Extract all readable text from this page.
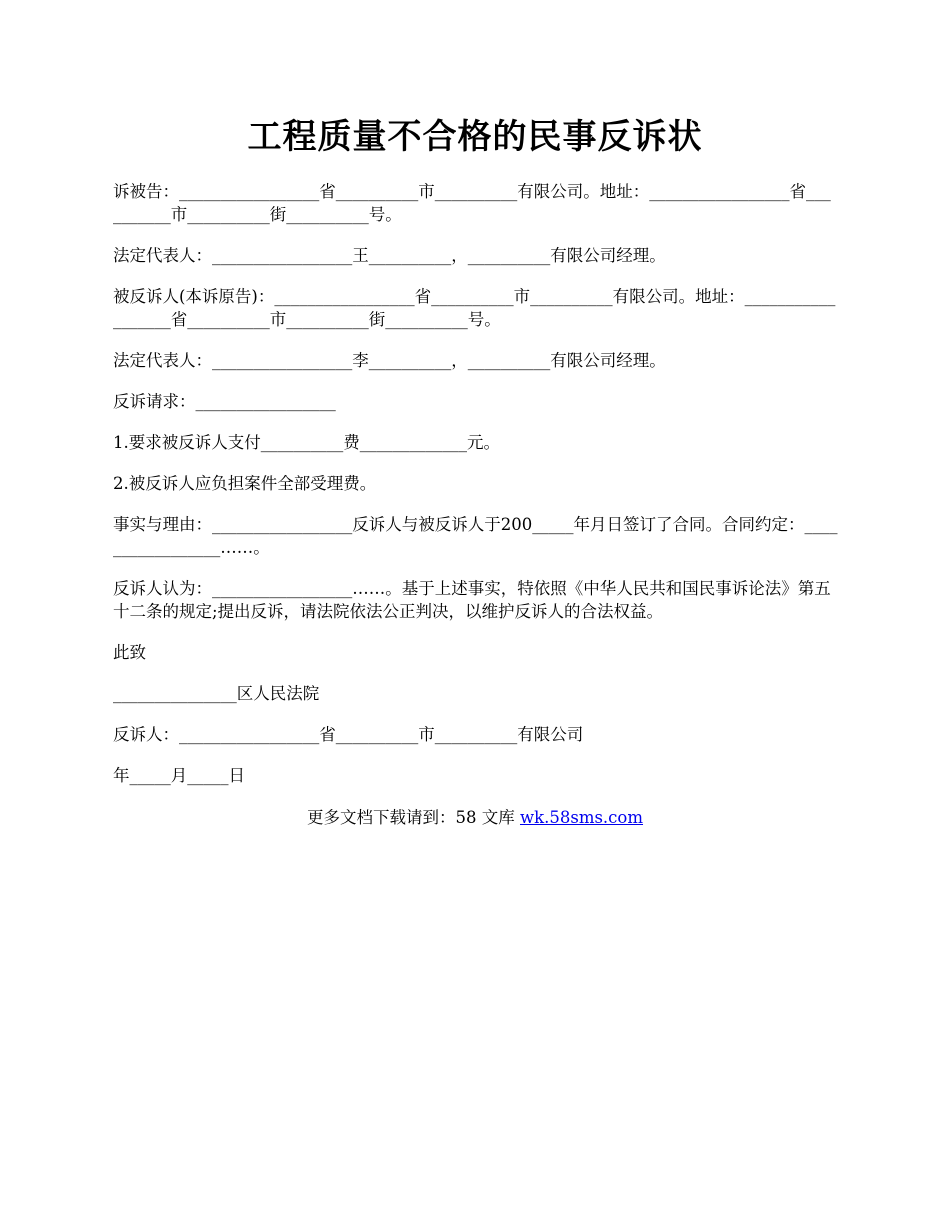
工程质量不合格的民事反诉状

诉被告：_________________省__________市__________有限公司。地址：_________________省__________市__________街__________号。

法定代表人：_________________王__________，__________有限公司经理。

被反诉人(本诉原告)：_________________省__________市__________有限公司。地址：__________________省__________市__________街__________号。

法定代表人：_________________李__________，__________有限公司经理。

反诉请求：_________________

1.要求被反诉人支付__________费_____________元。

2.被反诉人应负担案件全部受理费。

事实与理由：_________________反诉人与被反诉人于200_____年月日签订了合同。合同约定：_________________……。

反诉人认为：_________________……。基于上述事实，特依照《中华人民共和国民事诉论法》第五十二条的规定;提出反诉，请法院依法公正判决，以维护反诉人的合法权益。

此致

_______________区人民法院

反诉人：_________________省__________市__________有限公司

年_____月_____日

更多文档下载请到：58 文库 wk.58sms.com
